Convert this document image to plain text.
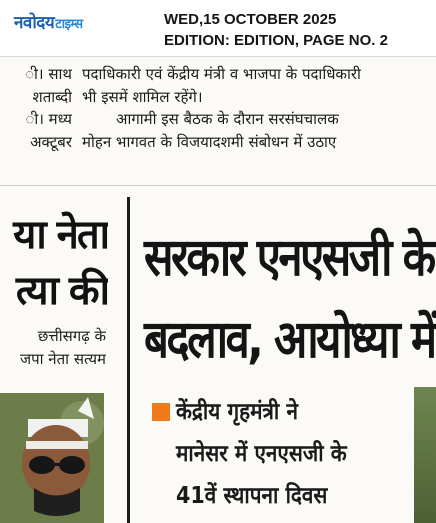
नवोदयटाइम्स	WED,15 OCTOBER 2025
EDITION: EDITION, PAGE NO. 2
ी। साथ
शताब्दी
ी। मध्य
अक्टूबर
पदाधिकारी एवं केंद्रीय मंत्री व भाजपा के पदाधिकारी
भी इसमें शामिल रहेंगे।
आगामी इस बैठक के दौरान सरसंघचालक
मोहन भागवत के विजयादशमी संबोधन में उठाए
या नेता
त्या की
छत्तीसगढ़ के
जपा नेता सत्यम
सरकार एनएसजी के
बदलाव, आयोध्या में
केंद्रीय गृहमंत्री ने
मानेसर में एनएसजी के
41वें स्थापना दिवस
